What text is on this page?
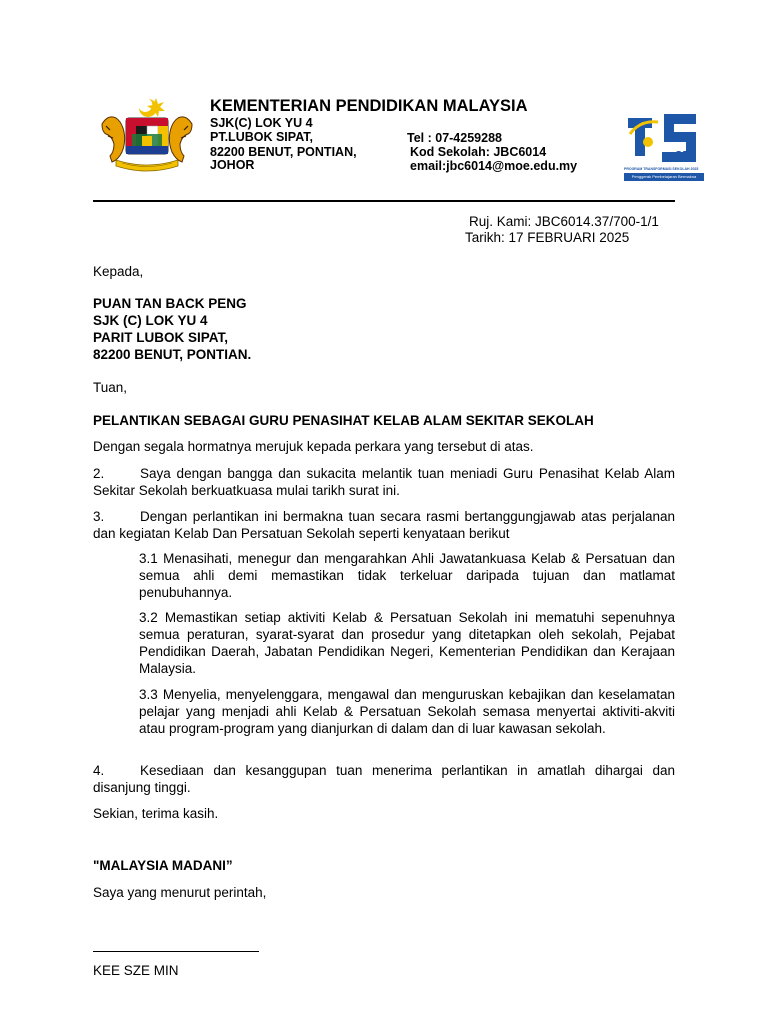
KEMENTERIAN PENDIDIKAN MALAYSIA
SJK(C) LOK YU 4
PT.LUBOK SIPAT,
82200 BENUT, PONTIAN,
JOHOR
Tel : 07-4259288
Kod Sekolah: JBC6014
email:jbc6014@moe.edu.my
25
PROGRAM TRANSFORMASI SEKOLAH 2025
Penggerak Pembelajaran Bermakna
Ruj. Kami: JBC6014.37/700-1/1
Tarikh: 17 FEBRUARI 2025
Kepada,
PUAN TAN BACK PENG
SJK (C) LOK YU 4
PARIT LUBOK SIPAT,
82200 BENUT, PONTIAN.
Tuan,
PELANTIKAN SEBAGAI GURU PENASIHAT KELAB ALAM SEKITAR SEKOLAH
Dengan segala hormatnya merujuk kepada perkara yang tersebut di atas.
2.	Saya dengan bangga dan sukacita melantik tuan meniadi Guru Penasihat Kelab Alam Sekitar Sekolah berkuatkuasa mulai tarikh surat ini.
3.	Dengan perlantikan ini bermakna tuan secara rasmi bertanggungjawab atas perjalanan dan kegiatan Kelab Dan Persatuan Sekolah seperti kenyataan berikut
3.1 Menasihati, menegur dan mengarahkan Ahli Jawatankuasa Kelab & Persatuan dan semua ahli demi memastikan tidak terkeluar daripada tujuan dan matlamat penubuhannya.
3.2 Memastikan setiap aktiviti Kelab & Persatuan Sekolah ini mematuhi sepenuhnya semua peraturan, syarat-syarat dan prosedur yang ditetapkan oleh sekolah, Pejabat Pendidikan Daerah, Jabatan Pendidikan Negeri, Kementerian Pendidikan dan Kerajaan Malaysia.
3.3 Menyelia, menyelenggara, mengawal dan menguruskan kebajikan dan keselamatan pelajar yang menjadi ahli Kelab & Persatuan Sekolah semasa menyertai aktiviti-akviti atau program-program yang dianjurkan di dalam dan di luar kawasan sekolah.
4.	Kesediaan dan kesanggupan tuan menerima perlantikan in amatlah dihargai dan disanjung tinggi.
Sekian, terima kasih.
"MALAYSIA MADANI”
Saya yang menurut perintah,
KEE SZE MIN
